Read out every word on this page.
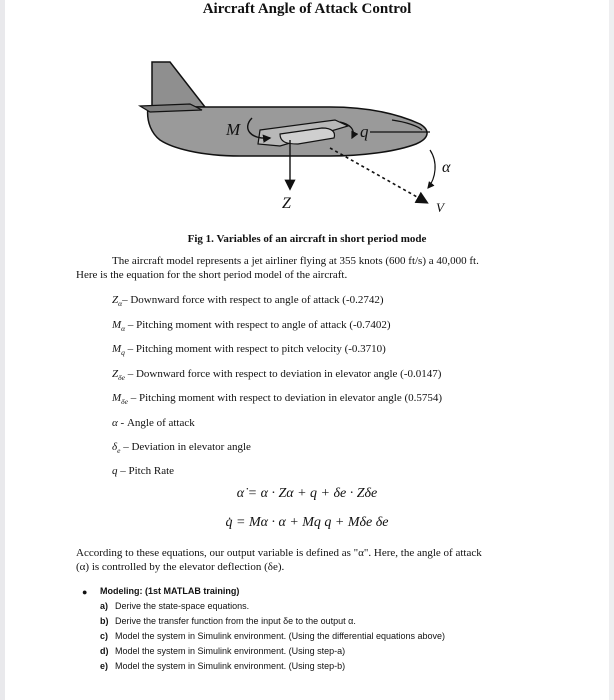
Aircraft Angle of Attack Control
M	q
α
Z	V
Fig 1. Variables of an aircraft in short period mode
The aircraft model represents a jet airliner flying at 355 knots (600 ft/s) a 40,000 ft.
Here is the equation for the short period model of the aircraft.
$Z_\alpha-$ Downward force with respect to angle of attack (-0.2742)
$M_\alpha$ – Pitching moment with respect to angle of attack (-0.7402)
$M_q$ – Pitching moment with respect to pitch velocity (-0.3710)
$Z_{\delta e}$ – Downward force with respect to deviation in elevator angle (-0.0147)
$M_{\delta e}$ – Pitching moment with respect to deviation in elevator angle (0.5754)
α - Angle of attack
$\delta_e$ – Deviation in elevator angle
q – Pitch Rate
α̇ = α · Zα + q + δe · Zδe
q̇ = Mα · α + Mq q + Mδe δe
According to these equations, our output variable is defined as "α". Here, the angle of attack
(α) is controlled by the elevator deflection (δe).
● Modeling: (1st MATLAB training)
a) Derive the state-space equations.
b) Derive the transfer function from the input δe to the output α.
c) Model the system in Simulink environment. (Using the differential equations above)
d) Model the system in Simulink environment. (Using step-a)
e) Model the system in Simulink environment. (Using step-b)
